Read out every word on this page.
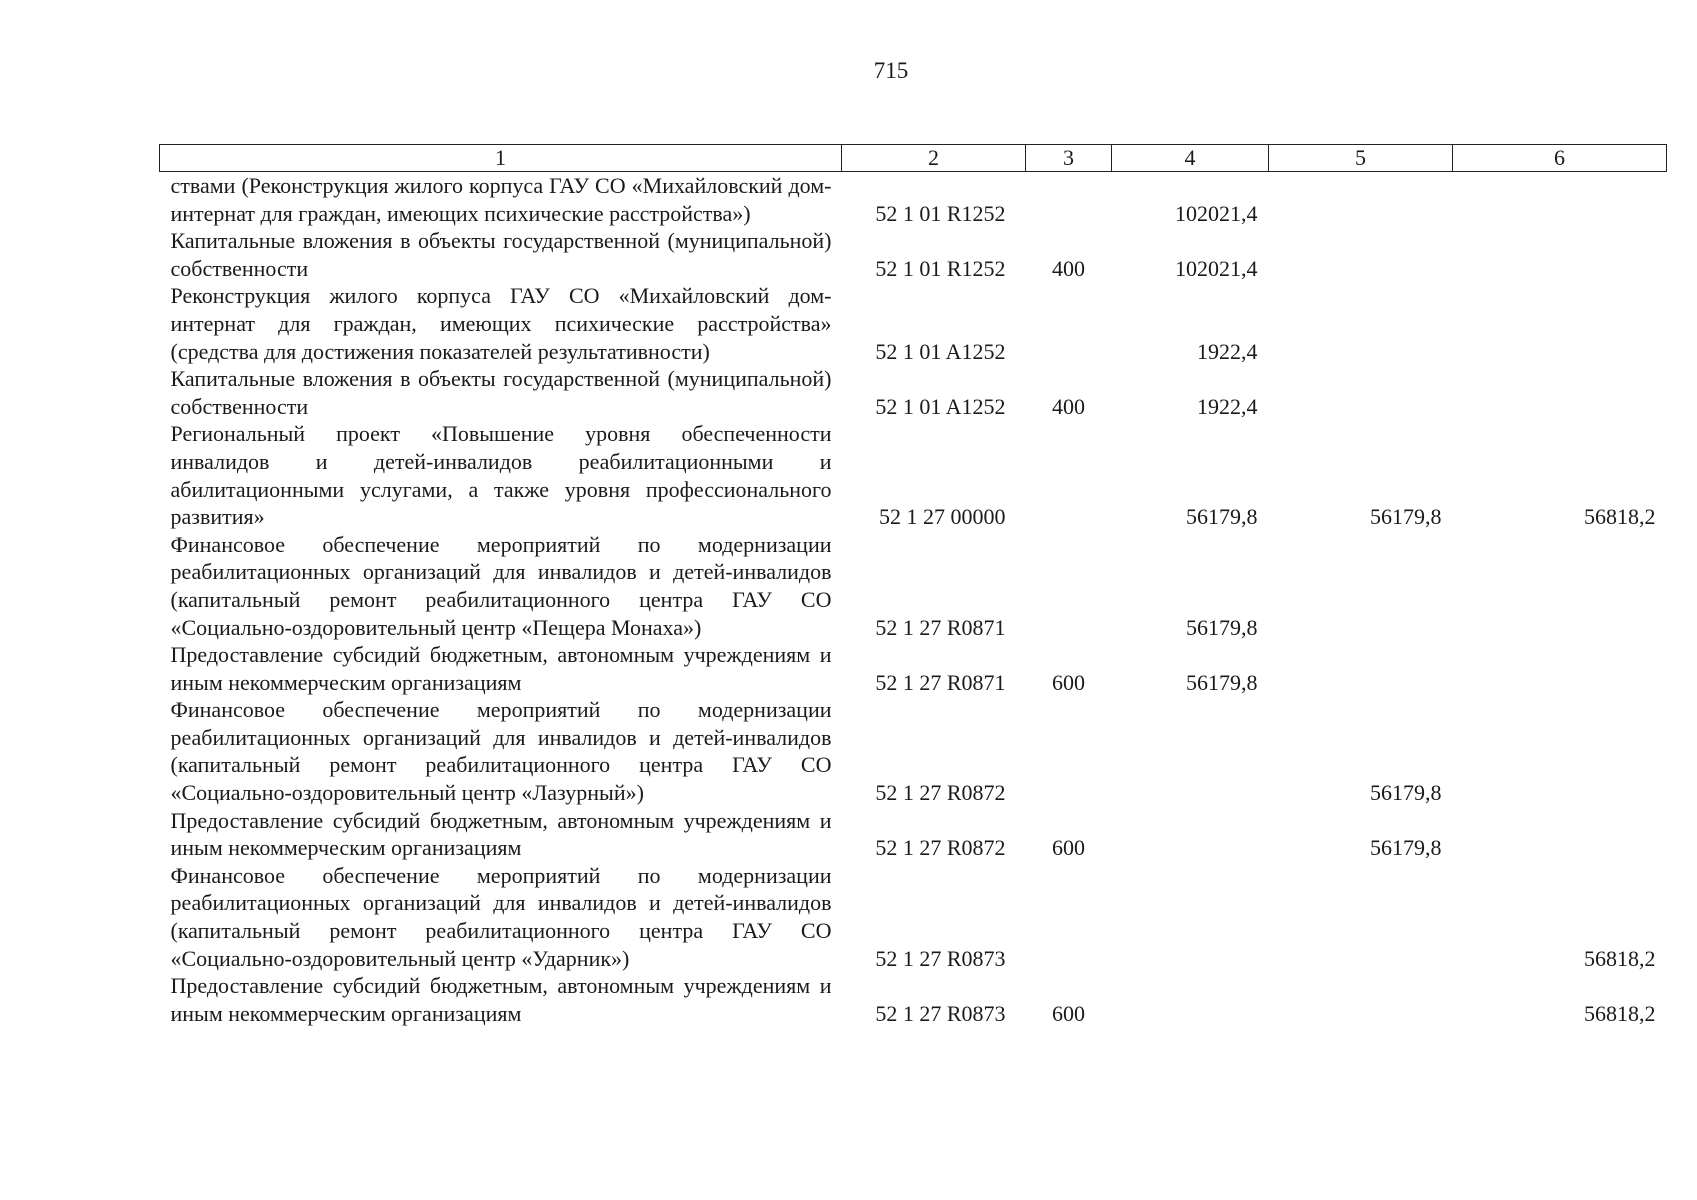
715
1	2	3	4	5	6
ствами (Реконструкция жилого корпуса ГАУ СО «Михайловский дом-интернат для граждан, имеющих психические расстройства»)	52 1 01 R1252		102021,4		
Капитальные вложения в объекты государственной (муниципальной) собственности	52 1 01 R1252	400	102021,4		
Реконструкция жилого корпуса ГАУ СО «Михайловский дом-интернат для граждан, имеющих психические расстройства» (средства для достижения показателей результативности)	52 1 01 A1252		1922,4		
Капитальные вложения в объекты государственной (муниципальной) собственности	52 1 01 A1252	400	1922,4		
Региональный проект «Повышение уровня обеспеченности инвалидов и детей-инвалидов реабилитационными и абилитационными услугами, а также уровня профессионального развития»	52 1 27 00000		56179,8	56179,8	56818,2
Финансовое обеспечение мероприятий по модернизации реабилитационных организаций для инвалидов и детей-инвалидов (капитальный ремонт реабилитационного центра ГАУ СО «Социально-оздоровительный центр «Пещера Монаха»)	52 1 27 R0871		56179,8		
Предоставление субсидий бюджетным, автономным учреждениям и иным некоммерческим организациям	52 1 27 R0871	600	56179,8		
Финансовое обеспечение мероприятий по модернизации реабилитационных организаций для инвалидов и детей-инвалидов (капитальный ремонт реабилитационного центра ГАУ СО «Социально-оздоровительный центр «Лазурный»)	52 1 27 R0872			56179,8	
Предоставление субсидий бюджетным, автономным учреждениям и иным некоммерческим организациям	52 1 27 R0872	600		56179,8	
Финансовое обеспечение мероприятий по модернизации реабилитационных организаций для инвалидов и детей-инвалидов (капитальный ремонт реабилитационного центра ГАУ СО «Социально-оздоровительный центр «Ударник»)	52 1 27 R0873				56818,2
Предоставление субсидий бюджетным, автономным учреждениям и иным некоммерческим организациям	52 1 27 R0873	600			56818,2
